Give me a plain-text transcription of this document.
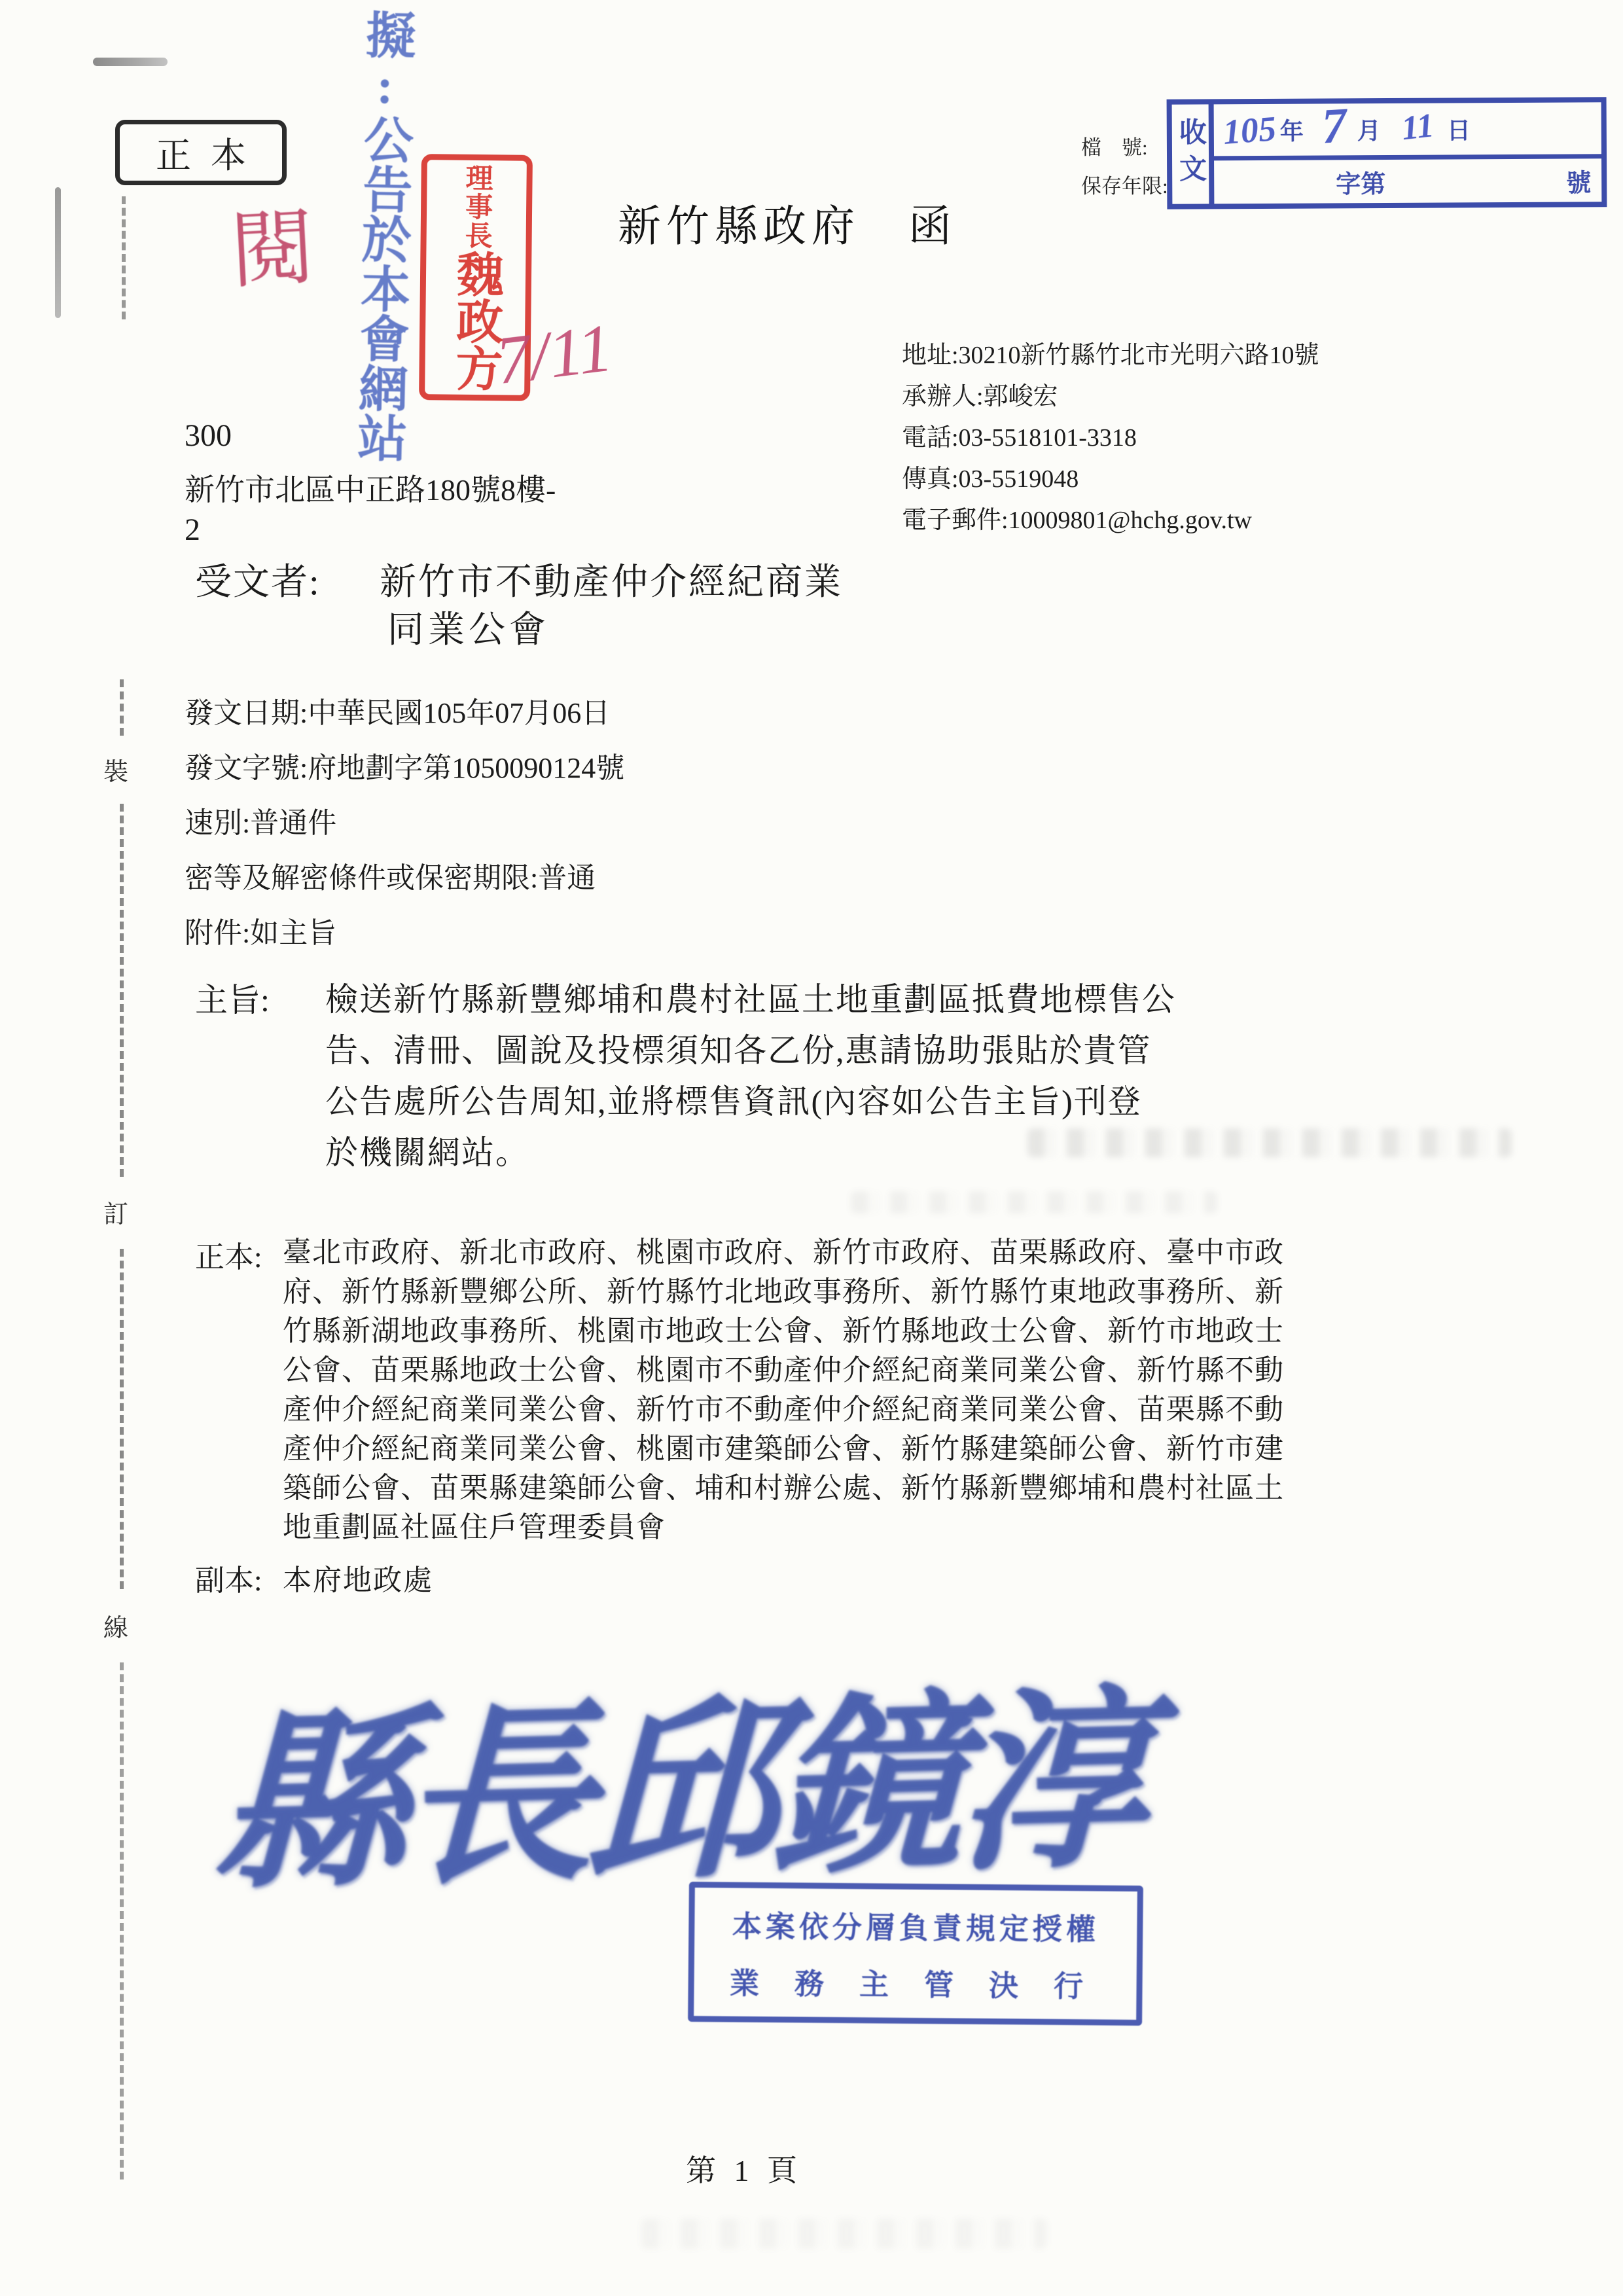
正本 擬:公告於本會網站
閱	理事長魏政方
7/11
新竹縣政府　函
檔　號:
保存年限: 收文 105 年 7 月 11 日
字第	號
地址:30210新竹縣竹北市光明六路10號
承辦人:郭峻宏
電話:03-5518101-3318
傳真:03-5519048
電子郵件:10009801@hchg.gov.tw
300
新竹市北區中正路180號8樓-
2
受文者: 新竹市不動產仲介經紀商業
同業公會
發文日期:中華民國105年07月06日
發文字號:府地劃字第1050090124號
速別:普通件
密等及解密條件或保密期限:普通
附件:如主旨
主旨: 檢送新竹縣新豐鄉埔和農村社區土地重劃區抵費地標售公
告、清冊、圖說及投標須知各乙份,惠請協助張貼於貴管
公告處所公告周知,並將標售資訊(內容如公告主旨)刊登
於機關網站。
正本: 臺北市政府、新北市政府、桃園市政府、新竹市政府、苗栗縣政府、臺中市政
府、新竹縣新豐鄉公所、新竹縣竹北地政事務所、新竹縣竹東地政事務所、新
竹縣新湖地政事務所、桃園市地政士公會、新竹縣地政士公會、新竹市地政士
公會、苗栗縣地政士公會、桃園市不動產仲介經紀商業同業公會、新竹縣不動
產仲介經紀商業同業公會、新竹市不動產仲介經紀商業同業公會、苗栗縣不動
產仲介經紀商業同業公會、桃園市建築師公會、新竹縣建築師公會、新竹市建
築師公會、苗栗縣建築師公會、埔和村辦公處、新竹縣新豐鄉埔和農村社區土
地重劃區社區住戶管理委員會
副本: 本府地政處
縣長邱鏡淳
本案依分層負責規定授權
業務主管決行
第 1 頁
裝
訂
線
